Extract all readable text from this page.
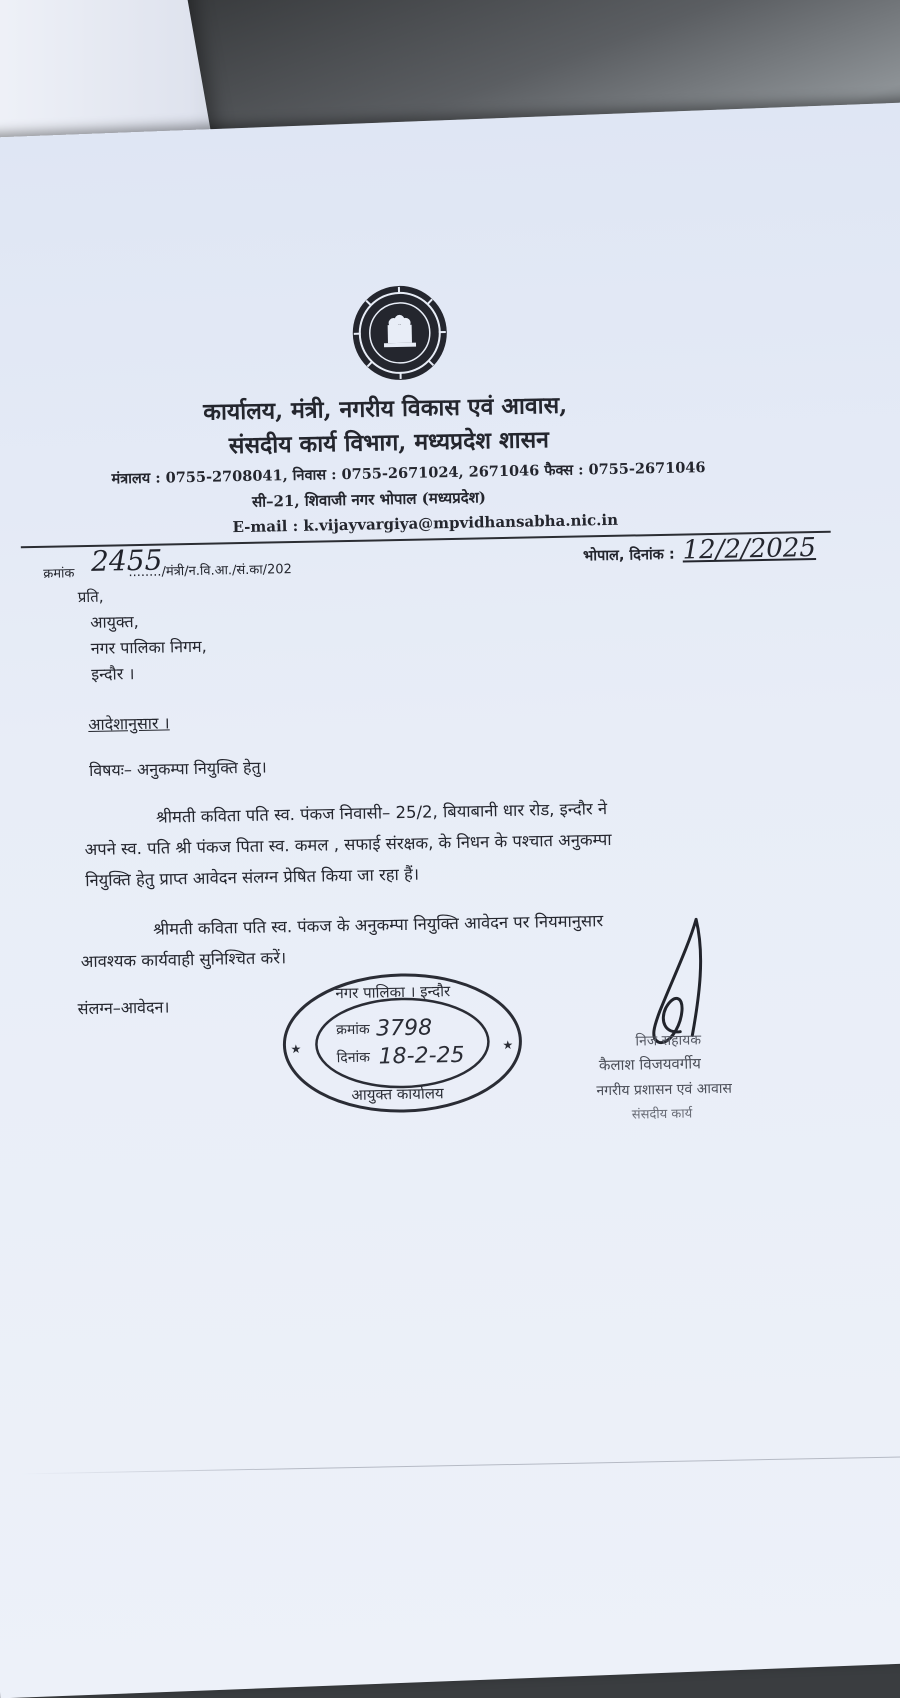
कार्यालय, मंत्री, नगरीय विकास एवं आवास,
संसदीय कार्य विभाग, मध्यप्रदेश शासन
मंत्रालय : 0755-2708041, निवास : 0755-2671024, 2671046 फैक्स : 0755-2671046
सी–21, शिवाजी नगर भोपाल (मध्यप्रदेश)
E-mail : k.vijayvargiya@mpvidhansabha.nic.in
क्रमांक	......../मंत्री/न.वि.आ./सं.का/202
2455	भोपाल, दिनांक : 12/2/2025
प्रति,
आयुक्त,
नगर पालिका निगम,
इन्दौर ।
आदेशानुसार ।
विषयः– अनुकम्पा नियुक्ति हेतु।
श्रीमती कविता पति स्व. पंकज निवासी– 25/2, बियाबानी धार रोड, इन्दौर ने
अपने स्व. पति श्री पंकज पिता स्व. कमल , सफाई संरक्षक, के निधन के पश्चात अनुकम्पा
नियुक्ति हेतु प्राप्त आवेदन संलग्न प्रेषित किया जा रहा हैं।
श्रीमती कविता पति स्व. पंकज के अनुकम्पा नियुक्ति आवेदन पर नियमानुसार
आवश्यक कार्यवाही सुनिश्चित करें।
संलग्न–आवेदन।
★	★
नगर पालिका । इन्दौर
क्रमांक 3798
दिनांक 18-2-25
आयुक्त कार्यालय
निज सहायक
कैलाश विजयवर्गीय
नगरीय प्रशासन एवं आवास
संसदीय कार्य
